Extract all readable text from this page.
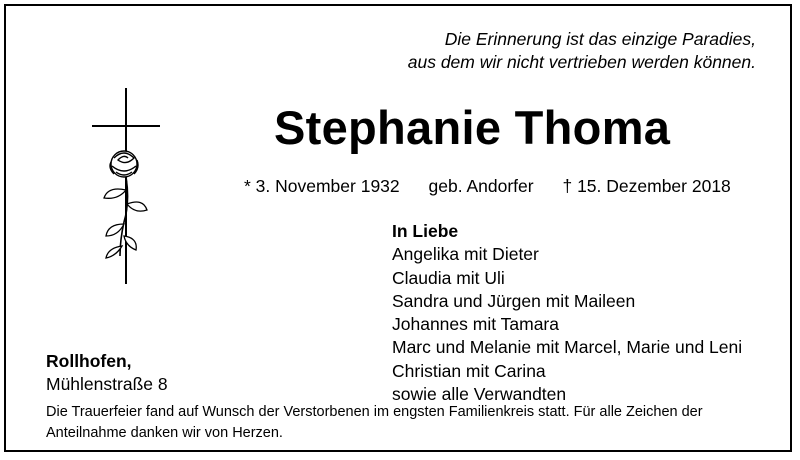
Die Erinnerung ist das einzige Paradies,
aus dem wir nicht vertrieben werden können.
Stephanie Thoma
* 3. November 1932 geb. Andorfer † 15. Dezember 2018
In Liebe
Angelika mit Dieter
Claudia mit Uli
Sandra und Jürgen mit Maileen
Johannes mit Tamara
Marc und Melanie mit Marcel, Marie und Leni
Christian mit Carina
sowie alle Verwandten
Rollhofen,
Mühlenstraße 8
Die Trauerfeier fand auf Wunsch der Verstorbenen im engsten Familienkreis statt. Für alle Zeichen der Anteilnahme danken wir von Herzen.
